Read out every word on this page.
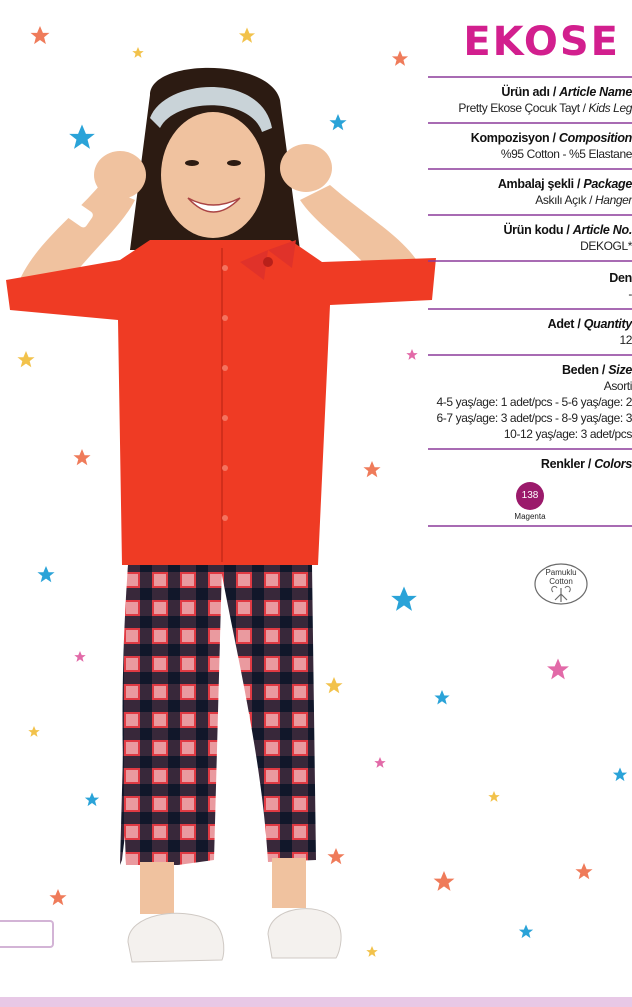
EKOSE
Ürün adı / Article Name
Pretty Ekose Çocuk Tayt / Kids Leg
Kompozisyon / Composition
%95 Cotton - %5 Elastane
Ambalaj şekli / Package
Askılı Açık / Hanger
Ürün kodu / Article No.
DEKOGL*
Den
-
Adet / Quantity
12
Beden / Size
Asorti
4-5 yaş/age: 1 adet/pcs - 5-6 yaş/age: 2
6-7 yaş/age: 3 adet/pcs - 8-9 yaş/age: 3
10-12 yaş/age: 3 adet/pcs
Renkler / Colors
138
Magenta
Pamuklu
Cotton
